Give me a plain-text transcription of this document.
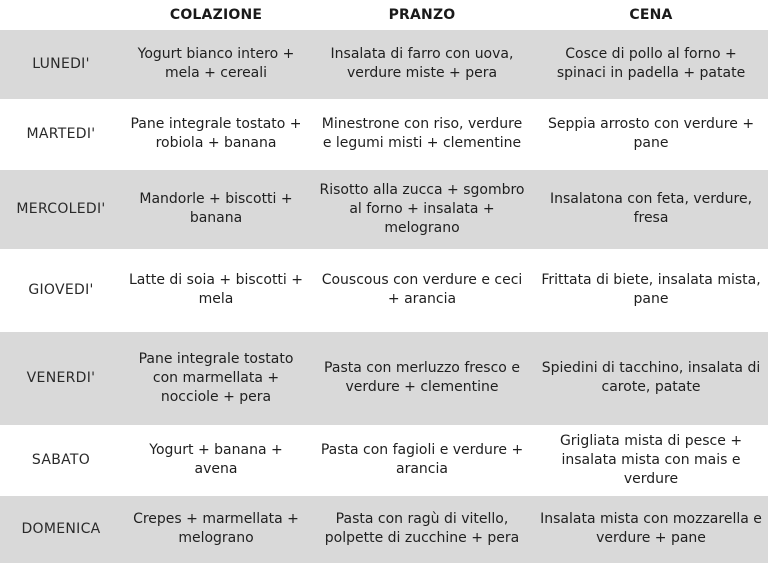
	COLAZIONE	PRANZO	CENA
LUNEDI'	Yogurt bianco intero + mela + cereali	Insalata di farro con uova, verdure miste + pera	Cosce di pollo al forno + spinaci in padella + patate
MARTEDI'	Pane integrale tostato + robiola + banana	Minestrone con riso, verdure e legumi misti + clementine	Seppia arrosto con verdure + pane
MERCOLEDI'	Mandorle + biscotti + banana	Risotto alla zucca + sgombro al forno + insalata + melograno	Insalatona con feta, verdure, fresa
GIOVEDI'	Latte di soia + biscotti + mela	Couscous con verdure e ceci + arancia	Frittata di biete, insalata mista, pane
VENERDI'	Pane integrale tostato con marmellata + nocciole + pera	Pasta con merluzzo fresco e verdure + clementine	Spiedini di tacchino, insalata di carote, patate
SABATO	Yogurt + banana + avena	Pasta con fagioli e verdure + arancia	Grigliata mista di pesce + insalata mista con mais e verdure
DOMENICA	Crepes + marmellata + melograno	Pasta con ragù di vitello, polpette di zucchine + pera	Insalata mista con mozzarella e verdure + pane
